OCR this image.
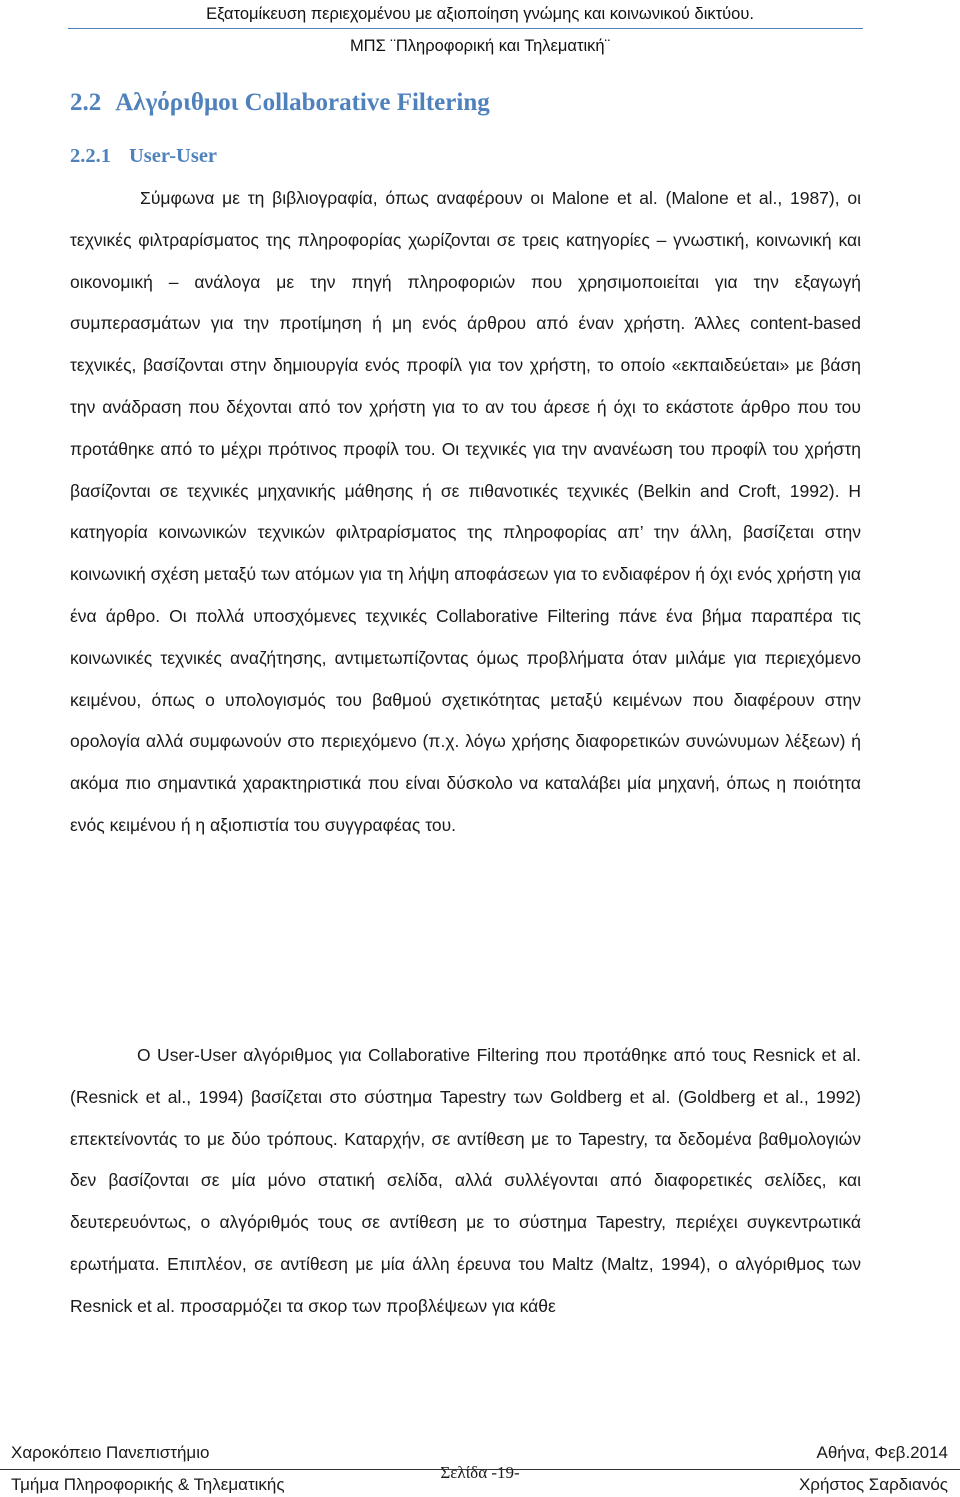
Εξατομίκευση περιεχομένου με αξιοποίηση γνώμης και κοινωνικού δικτύου.
ΜΠΣ ¨Πληροφορική και Τηλεματική¨
2.2 Αλγόριθμοι Collaborative Filtering
2.2.1 User-User

Σύμφωνα με τη βιβλιογραφία, όπως αναφέρουν οι Malone et al. (Malone et al., 1987), οι τεχνικές φιλτραρίσματος της πληροφορίας χωρίζονται σε τρεις κατηγορίες – γνωστική, κοινωνική και οικονομική – ανάλογα με την πηγή πληροφοριών που χρησιμοποιείται για την εξαγωγή συμπερασμάτων για την προτίμηση ή μη ενός άρθρου από έναν χρήστη. Άλλες content-based τεχνικές, βασίζονται στην δημιουργία ενός προφίλ για τον χρήστη, το οποίο «εκπαιδεύεται» με βάση την ανάδραση που δέχονται από τον χρήστη για το αν του άρεσε ή όχι το εκάστοτε άρθρο που του προτάθηκε από το μέχρι πρότινος προφίλ του. Οι τεχνικές για την ανανέωση του προφίλ του χρήστη βασίζονται σε τεχνικές μηχανικής μάθησης ή σε πιθανοτικές τεχνικές (Belkin and Croft, 1992). Η κατηγορία κοινωνικών τεχνικών φιλτραρίσματος της πληροφορίας απ’ την άλλη, βασίζεται στην κοινωνική σχέση μεταξύ των ατόμων για τη λήψη αποφάσεων για το ενδιαφέρον ή όχι ενός χρήστη για ένα άρθρο. Οι πολλά υποσχόμενες τεχνικές Collaborative Filtering πάνε ένα βήμα παραπέρα τις κοινωνικές τεχνικές αναζήτησης, αντιμετωπίζοντας όμως προβλήματα όταν μιλάμε για περιεχόμενο κειμένου, όπως ο υπολογισμός του βαθμού σχετικότητας μεταξύ κειμένων που διαφέρουν στην ορολογία αλλά συμφωνούν στο περιεχόμενο (π.χ. λόγω χρήσης διαφορετικών συνώνυμων λέξεων) ή ακόμα πιο σημαντικά χαρακτηριστικά που είναι δύσκολο να καταλάβει μία μηχανή, όπως η ποιότητα ενός κειμένου ή η αξιοπιστία του συγγραφέας του.

Ο User-User αλγόριθμος για Collaborative Filtering που προτάθηκε από τους Resnick et al. (Resnick et al., 1994) βασίζεται στο σύστημα Tapestry των Goldberg et al. (Goldberg et al., 1992) επεκτείνοντάς το με δύο τρόπους. Καταρχήν, σε αντίθεση με το Tapestry, τα δεδομένα βαθμολογιών δεν βασίζονται σε μία μόνο στατική σελίδα, αλλά συλλέγονται από διαφορετικές σελίδες, και δευτερευόντως, ο αλγόριθμός τους σε αντίθεση με το σύστημα Tapestry, περιέχει συγκεντρωτικά ερωτήματα. Επιπλέον, σε αντίθεση με μία άλλη έρευνα του Maltz (Maltz, 1994), ο αλγόριθμος των Resnick et al. προσαρμόζει τα σκορ των προβλέψεων για κάθε

Χαροκόπειο Πανεπιστήμιο	Αθήνα, Φεβ.2014
Σελίδα -19-
Τμήμα Πληροφορικής & Τηλεματικής	Χρήστος Σαρδιανός
